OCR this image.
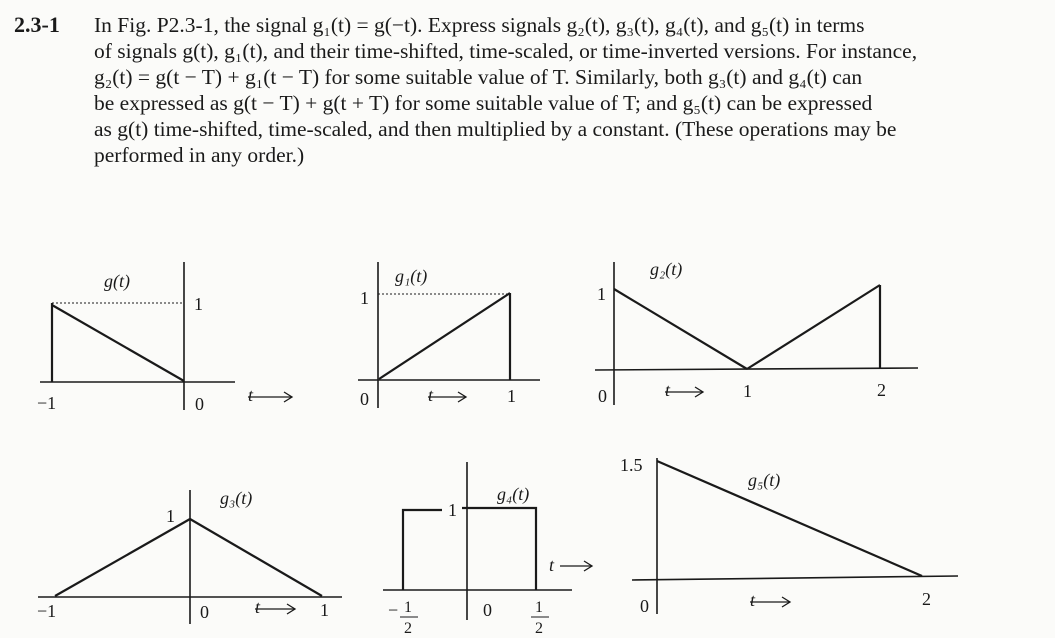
2.3-1 In Fig. P2.3-1, the signal g₁(t) = g(−t). Express signals g₂(t), g₃(t), g₄(t), and g₅(t) in terms
of signals g(t), g₁(t), and their time-shifted, time-scaled, or time-inverted versions. For instance,
g₂(t) = g(t − T) + g₁(t − T) for some suitable value of T. Similarly, both g₃(t) and g₄(t) can
be expressed as g(t − T) + g(t + T) for some suitable value of T; and g₅(t) can be expressed
as g(t) time-shifted, time-scaled, and then multiplied by a constant. (These operations may be
performed in any order.)
g(t)
1
−1	0 t
g₁(t)
1
0	1
t
g₂(t)
1
0	1	2
t
g₃(t)
1
−1	0	1
t
g₄(t)
1
− 1
2
0	1
2
t
g₅(t)
1.5
0	2
t
